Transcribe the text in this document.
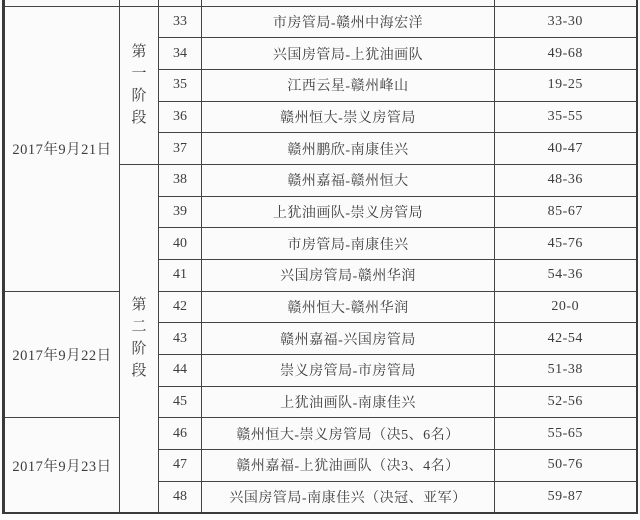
2017年9月21日	第一阶段	33	市房管局-赣州中海宏洋	33-30
		34	兴国房管局-上犹油画队	49-68
		35	江西云星-赣州峰山	19-25
		36	赣州恒大-崇义房管局	35-55
		37	赣州鹏欣-南康佳兴	40-47

	第二阶段	38	赣州嘉福-赣州恒大	48-36
		39	上犹油画队-崇义房管局	85-67
		40	市房管局-南康佳兴	45-76
		41	兴国房管局-赣州华润	54-36
2017年9月22日		42	赣州恒大-赣州华润	20-0
		43	赣州嘉福-兴国房管局	42-54
		44	崇义房管局-市房管局	51-38
		45	上犹油画队-南康佳兴	52-56
2017年9月23日		46	赣州恒大-崇义房管局（决5、6名）	55-65
		47	赣州嘉福-上犹油画队（决3、4名）	50-76
		48	兴国房管局-南康佳兴（决冠、亚军）	59-87
